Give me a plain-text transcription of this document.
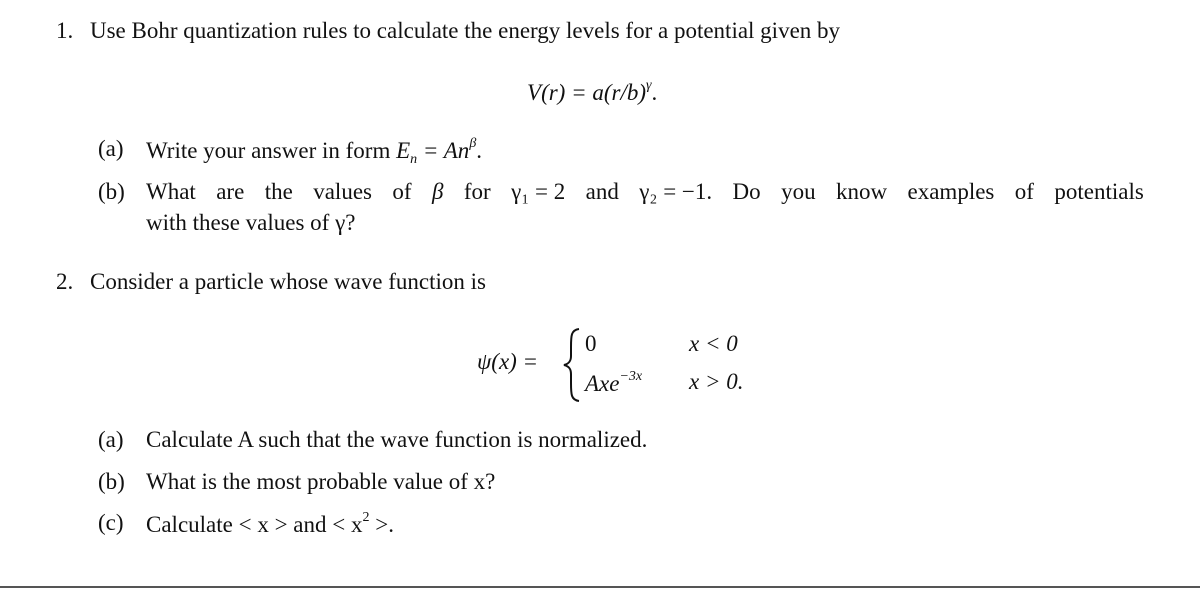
1. Use Bohr quantization rules to calculate the energy levels for a potential given by
$V(r) = a(r/b)^\gamma$.
(a) Write your answer in form $E_n = An^\beta$.
(b) What are the values of β for γ₁ = 2 and γ₂ = −1. Do you know examples of potentials
with these values of γ?
2. Consider a particle whose wave function is
ψ(x) =
0	x < 0
Axe$^{-3x}$ x > 0.
(a) Calculate A such that the wave function is normalized.
(b) What is the most probable value of x?
(c) Calculate < x > and < $x^2$ >.
